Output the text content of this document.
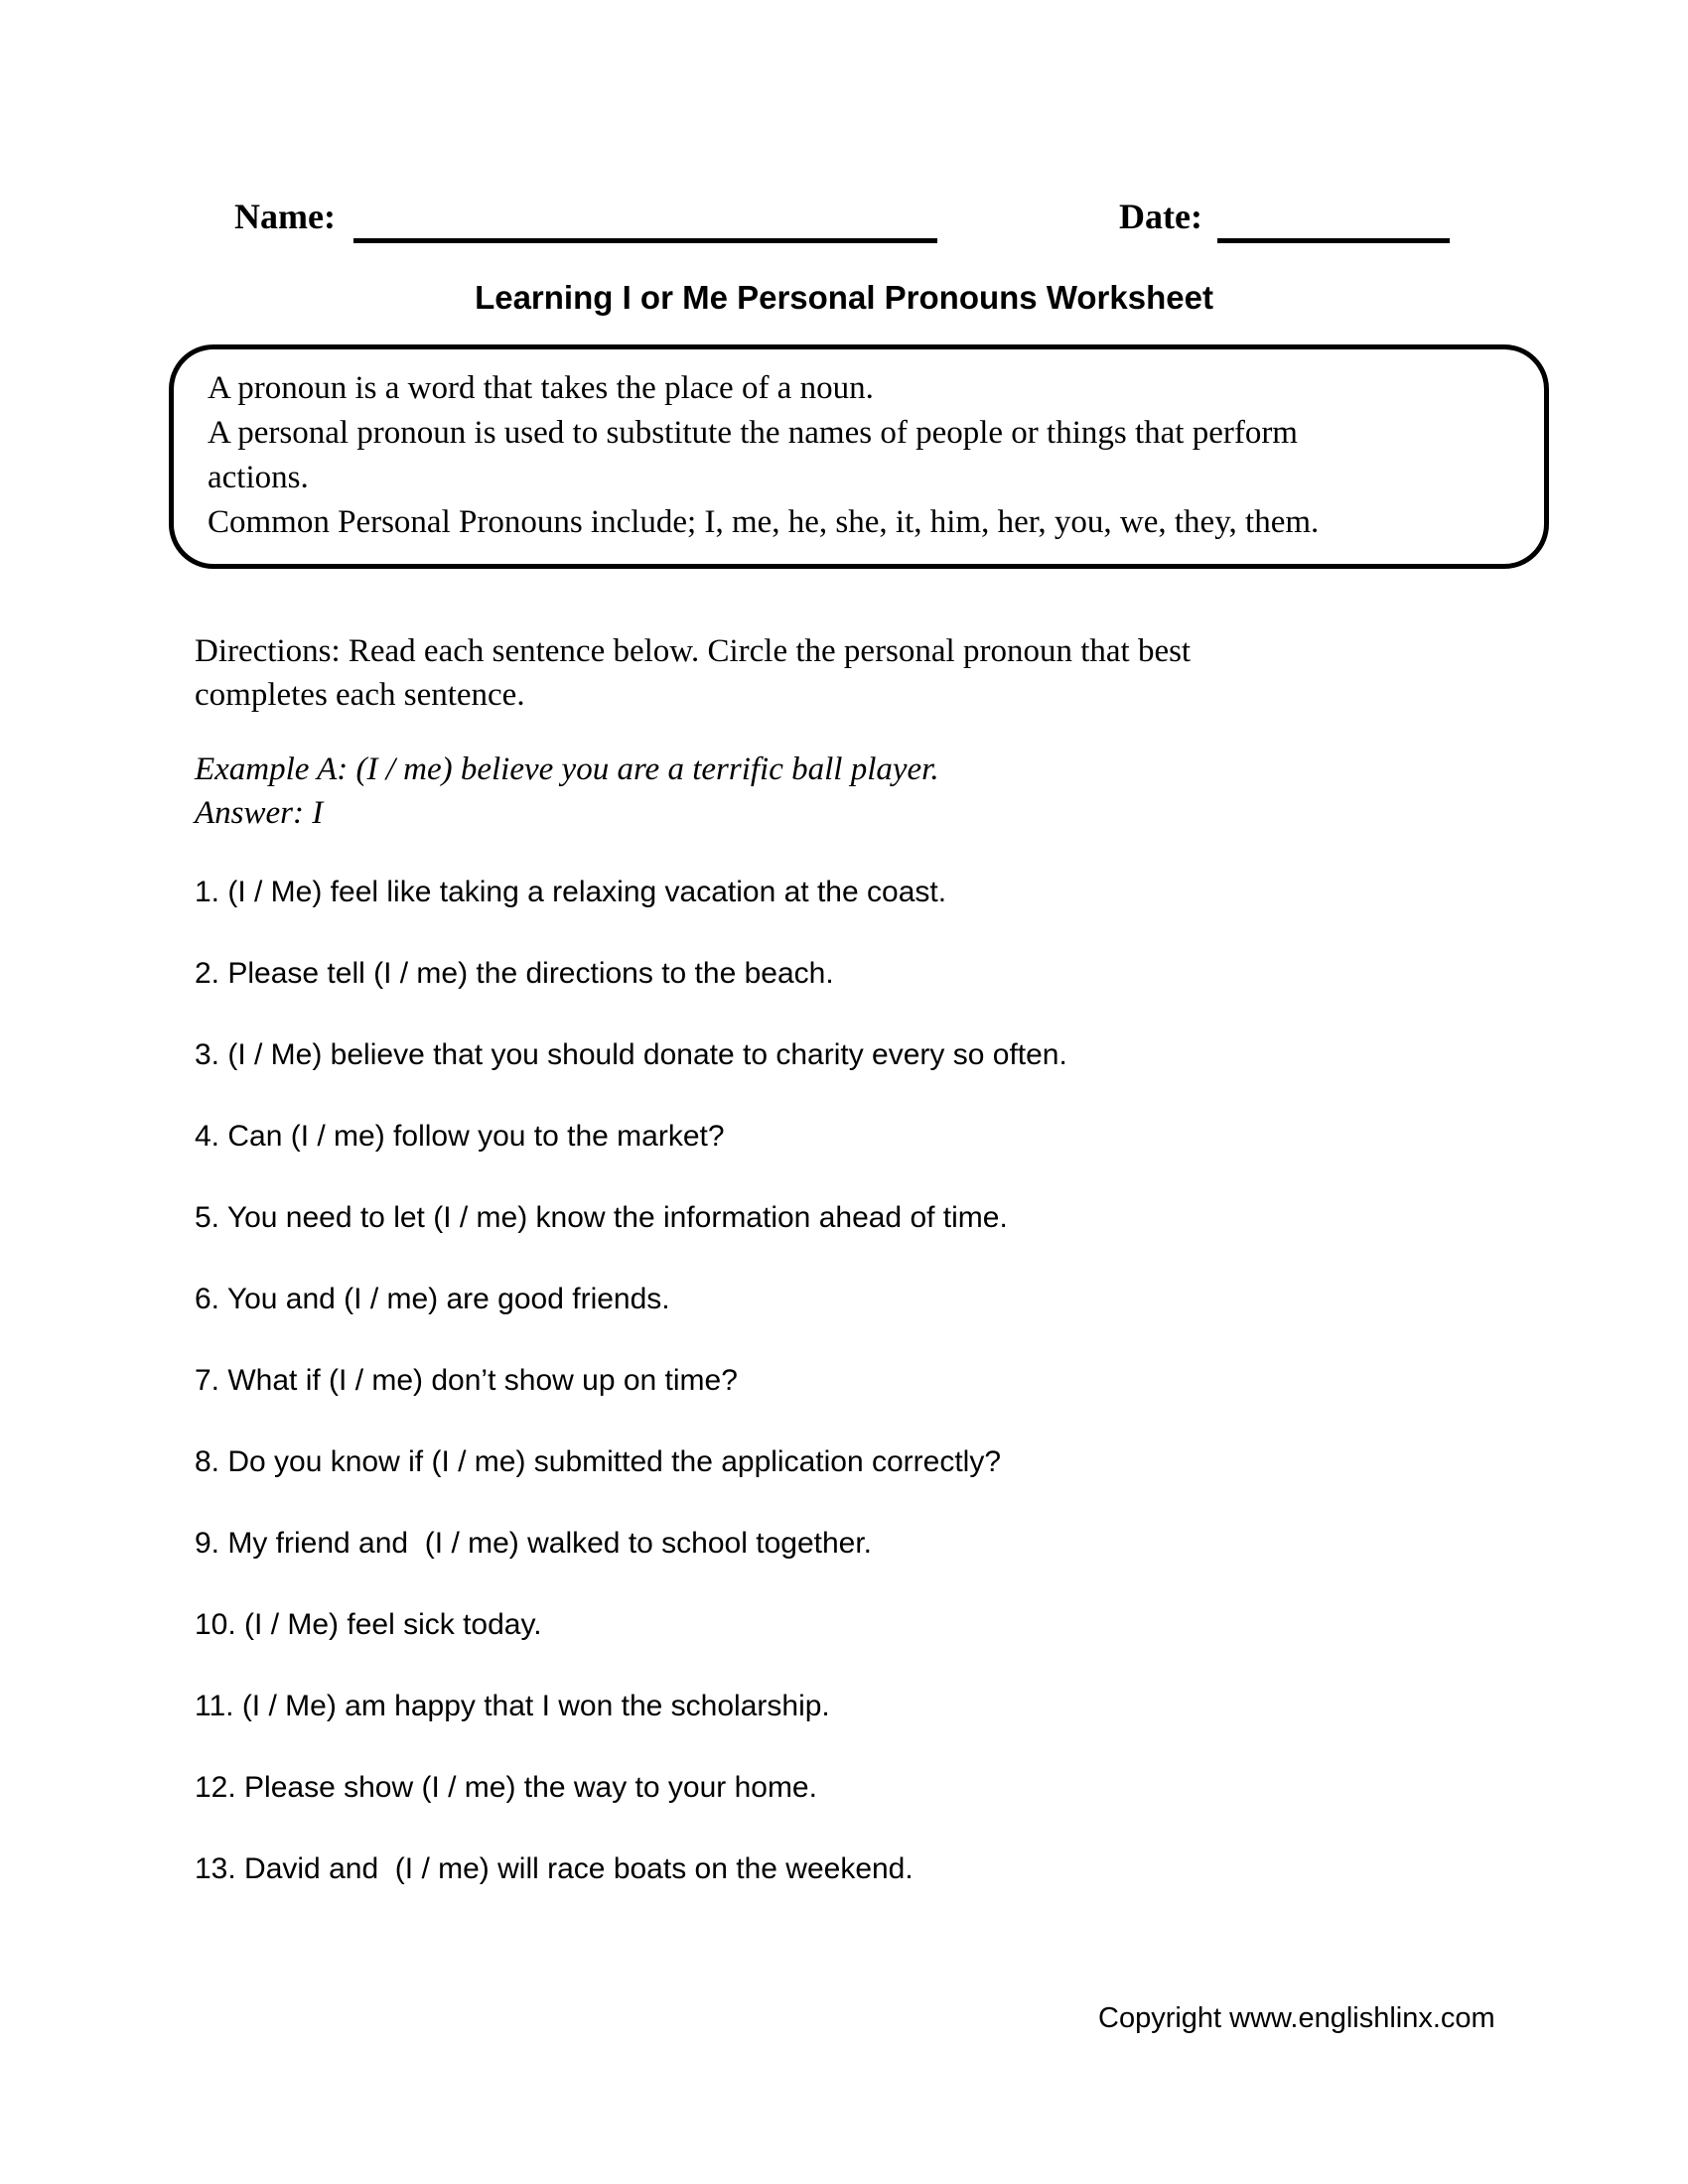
Name:	Date:
Learning I or Me Personal Pronouns Worksheet
A pronoun is a word that takes the place of a noun.
A personal pronoun is used to substitute the names of people or things that perform
actions.
Common Personal Pronouns include; I, me, he, she, it, him, her, you, we, they, them.
Directions: Read each sentence below. Circle the personal pronoun that best
completes each sentence.
Example A: (I / me) believe you are a terrific ball player.
Answer: I
1. (I / Me) feel like taking a relaxing vacation at the coast.
2. Please tell (I / me) the directions to the beach.
3. (I / Me) believe that you should donate to charity every so often.
4. Can (I / me) follow you to the market?
5. You need to let (I / me) know the information ahead of time.
6. You and (I / me) are good friends.
7. What if (I / me) don’t show up on time?
8. Do you know if (I / me) submitted the application correctly?
9. My friend and  (I / me) walked to school together.
10. (I / Me) feel sick today.
11. (I / Me) am happy that I won the scholarship.
12. Please show (I / me) the way to your home.
13. David and  (I / me) will race boats on the weekend.
Copyright www.englishlinx.com
